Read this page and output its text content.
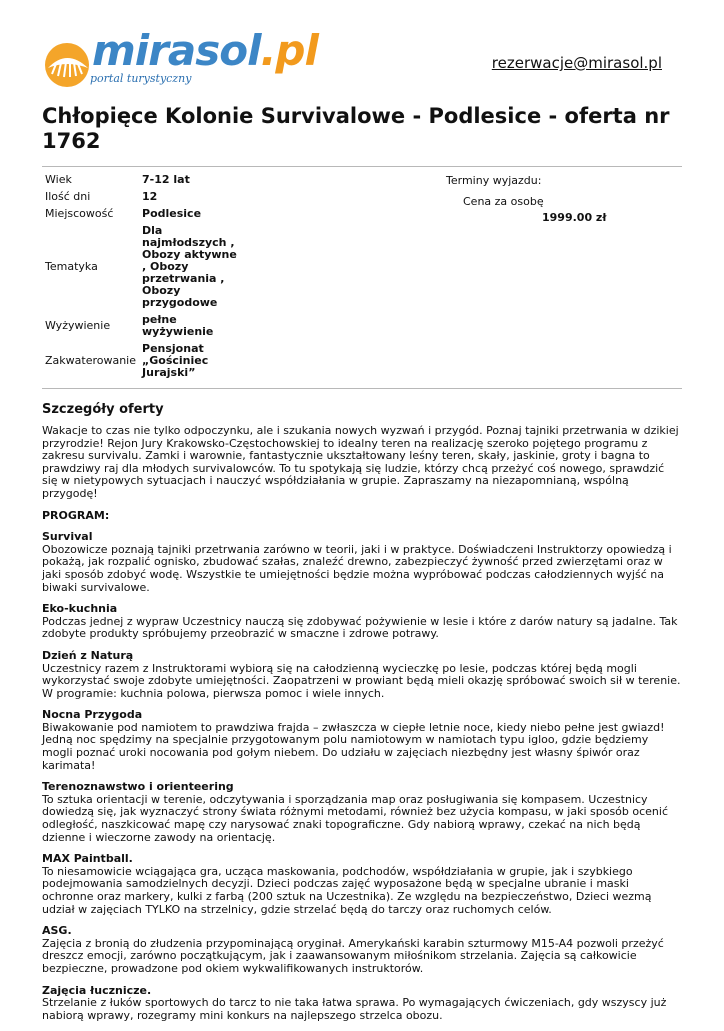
mirasol.pl
portal turystyczny
rezerwacje@mirasol.pl
Chłopięce Kolonie Survivalowe - Podlesice - oferta nr 1762
Wiek	7-12 lat
Ilość dni	12
Miejscowość	Podlesice
Tematyka	Dla najmłodszych , Obozy aktywne , Obozy przetrwania , Obozy przygodowe
Wyżywienie	pełne wyżywienie
Zakwaterowanie	Pensjonat „Gościniec Jurajski”
Terminy wyjazdu:
Cena za osobę
1999.00 zł
Szczegóły oferty

Wakacje to czas nie tylko odpoczynku, ale i szukania nowych wyzwań i przygód. Poznaj tajniki przetrwania w dzikiej przyrodzie! Rejon Jury Krakowsko-Częstochowskiej to idealny teren na realizację szeroko pojętego programu z zakresu survivalu. Zamki i warownie, fantastycznie ukształtowany leśny teren, skały, jaskinie, groty i bagna to prawdziwy raj dla młodych survivalowców. To tu spotykają się ludzie, którzy chcą przeżyć coś nowego, sprawdzić się w nietypowych sytuacjach i nauczyć współdziałania w grupie. Zapraszamy na niezapomnianą, wspólną przygodę!

PROGRAM:

Survival
Obozowicze poznają tajniki przetrwania zarówno w teorii, jaki i w praktyce. Doświadczeni Instruktorzy opowiedzą i pokażą, jak rozpalić ognisko, zbudować szałas, znaleźć drewno, zabezpieczyć żywność przed zwierzętami oraz w jaki sposób zdobyć wodę. Wszystkie te umiejętności będzie można wypróbować podczas całodziennych wyjść na biwaki survivalowe.

Eko-kuchnia
Podczas jednej z wypraw Uczestnicy nauczą się zdobywać pożywienie w lesie i które z darów natury są jadalne. Tak zdobyte produkty spróbujemy przeobrazić w smaczne i zdrowe potrawy.

Dzień z Naturą
Uczestnicy razem z Instruktorami wybiorą się na całodzienną wycieczkę po lesie, podczas której będą mogli wykorzystać swoje zdobyte umiejętności. Zaopatrzeni w prowiant będą mieli okazję spróbować swoich sił w terenie. W programie: kuchnia polowa, pierwsza pomoc i wiele innych.

Nocna Przygoda
Biwakowanie pod namiotem to prawdziwa frajda – zwłaszcza w ciepłe letnie noce, kiedy niebo pełne jest gwiazd! Jedną noc spędzimy na specjalnie przygotowanym polu namiotowym w namiotach typu igloo, gdzie będziemy mogli poznać uroki nocowania pod gołym niebem. Do udziału w zajęciach niezbędny jest własny śpiwór oraz karimata!

Terenoznawstwo i orienteering
To sztuka orientacji w terenie, odczytywania i sporządzania map oraz posługiwania się kompasem. Uczestnicy dowiedzą się, jak wyznaczyć strony świata różnymi metodami, również bez użycia kompasu, w jaki sposób ocenić odległość, naszkicować mapę czy narysować znaki topograficzne. Gdy nabiorą wprawy, czekać na nich będą dzienne i wieczorne zawody na orientację.

MAX Paintball.
To niesamowicie wciągająca gra, ucząca maskowania, podchodów, współdziałania w grupie, jak i szybkiego podejmowania samodzielnych decyzji. Dzieci podczas zajęć wyposażone będą w specjalne ubranie i maski ochronne oraz markery, kulki z farbą (200 sztuk na Uczestnika). Ze względu na bezpieczeństwo, Dzieci wezmą udział w zajęciach TYLKO na strzelnicy, gdzie strzelać będą do tarczy oraz ruchomych celów.

ASG.
Zajęcia z bronią do złudzenia przypominającą oryginał. Amerykański karabin szturmowy M15-A4 pozwoli przeżyć dreszcz emocji, zarówno początkującym, jak i zaawansowanym miłośnikom strzelania. Zajęcia są całkowicie bezpieczne, prowadzone pod okiem wykwalifikowanych instruktorów.

Zajęcia łucznicze.
Strzelanie z łuków sportowych do tarcz to nie taka łatwa sprawa. Po wymagających ćwiczeniach, gdy wszyscy już nabiorą wprawy, rozegramy mini konkurs na najlepszego strzelca obozu.
